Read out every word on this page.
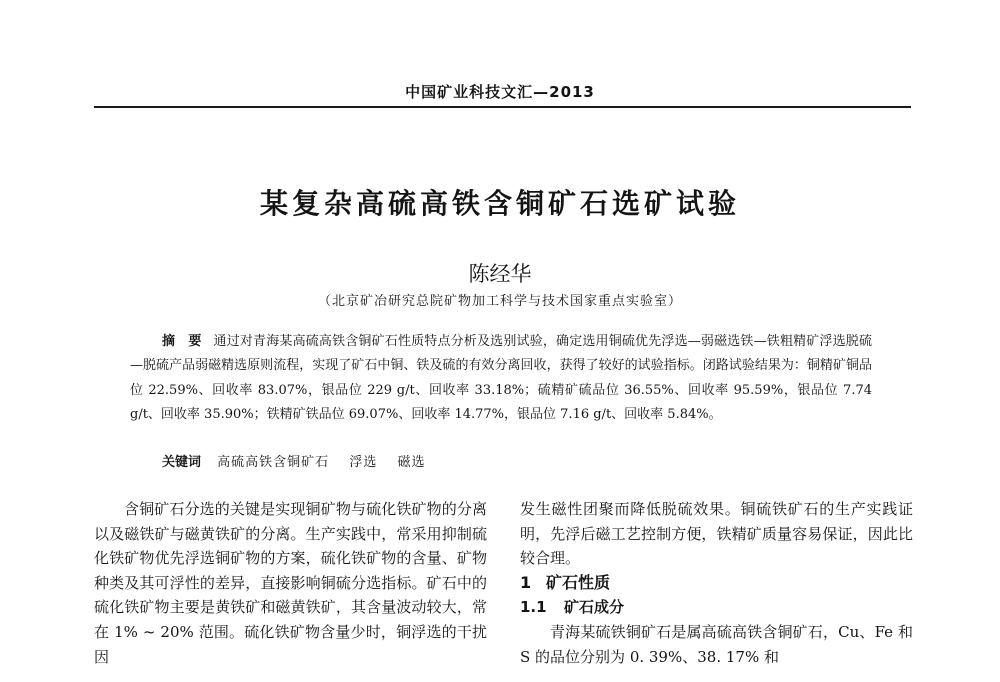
中国矿业科技文汇—2013
某复杂高硫高铁含铜矿石选矿试验
陈经华
（北京矿冶研究总院矿物加工科学与技术国家重点实验室）
摘　要 通过对青海某高硫高铁含铜矿石性质特点分析及选别试验，确定选用铜硫优先浮选—弱磁选铁—铁粗精矿浮选脱硫—脱硫产品弱磁精选原则流程，实现了矿石中铜、铁及硫的有效分离回收，获得了较好的试验指标。闭路试验结果为：铜精矿铜品位 22.59%、回收率 83.07%，银品位 229 g/t、回收率 33.18%；硫精矿硫品位 36.55%、回收率 95.59%，银品位 7.74 g/t、回收率 35.90%；铁精矿铁品位 69.07%、回收率 14.77%，银品位 7.16 g/t、回收率 5.84%。
关键词 高硫高铁含铜矿石 浮选 磁选

含铜矿石分选的关键是实现铜矿物与硫化铁矿物的分离以及磁铁矿与磁黄铁矿的分离。生产实践中，常采用抑制硫化铁矿物优先浮选铜矿物的方案，硫化铁矿物的含量、矿物种类及其可浮性的差异，直接影响铜硫分选指标。矿石中的硫化铁矿物主要是黄铁矿和磁黄铁矿，其含量波动较大，常在 1% ~ 20% 范围。硫化铁矿物含量少时，铜浮选的干扰因

发生磁性团聚而降低脱硫效果。铜硫铁矿石的生产实践证明，先浮后磁工艺控制方便，铁精矿质量容易保证，因此比较合理。

1 矿石性质

1.1 矿石成分

青海某硫铁铜矿石是属高硫高铁含铜矿石，Cu、Fe 和 S 的品位分别为 0. 39%、38. 17% 和
